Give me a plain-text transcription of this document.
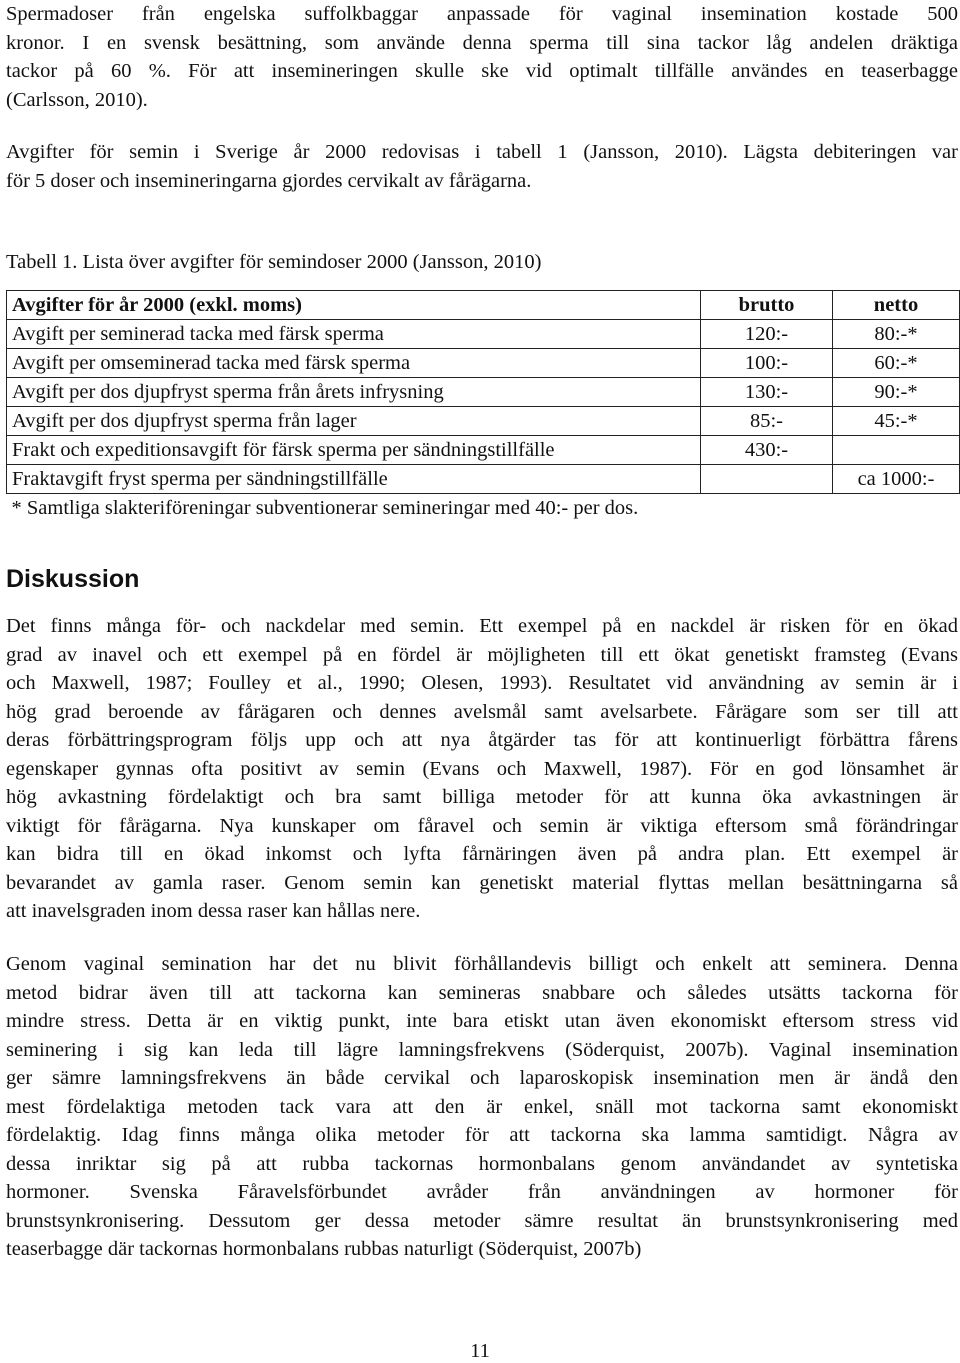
Spermadoser från engelska suffolkbaggar anpassade för vaginal insemination kostade 500
kronor. I en svensk besättning, som använde denna sperma till sina tackor låg andelen dräktiga
tackor på 60 %. För att insemineringen skulle ske vid optimalt tillfälle användes en teaserbagge
(Carlsson, 2010).
Avgifter för semin i Sverige år 2000 redovisas i tabell 1 (Jansson, 2010). Lägsta debiteringen var
för 5 doser och insemineringarna gjordes cervikalt av fårägarna.

Tabell 1. Lista över avgifter för semindoser 2000 (Jansson, 2010)

Avgifter för år 2000 (exkl. moms)	brutto	netto
Avgift per seminerad tacka med färsk sperma	120:-	80:-*
Avgift per omseminerad tacka med färsk sperma	100:-	60:-*
Avgift per dos djupfryst sperma från årets infrysning	130:-	90:-*
Avgift per dos djupfryst sperma från lager	85:-	45:-*
Frakt och expeditionsavgift för färsk sperma per sändningstillfälle	430:-	
Fraktavgift fryst sperma per sändningstillfälle		ca 1000:-
* Samtliga slakteriföreningar subventionerar semineringar med 40:- per dos.		
Diskussion
Det finns många för- och nackdelar med semin. Ett exempel på en nackdel är risken för en ökad
grad av inavel och ett exempel på en fördel är möjligheten till ett ökat genetiskt framsteg (Evans
och Maxwell, 1987; Foulley et al., 1990; Olesen, 1993). Resultatet vid användning av semin är i
hög grad beroende av fårägaren och dennes avelsmål samt avelsarbete. Fårägare som ser till att
deras förbättringsprogram följs upp och att nya åtgärder tas för att kontinuerligt förbättra fårens
egenskaper gynnas ofta positivt av semin (Evans och Maxwell, 1987). För en god lönsamhet är
hög avkastning fördelaktigt och bra samt billiga metoder för att kunna öka avkastningen är
viktigt för fårägarna. Nya kunskaper om fåravel och semin är viktiga eftersom små förändringar
kan bidra till en ökad inkomst och lyfta fårnäringen även på andra plan. Ett exempel är
bevarandet av gamla raser. Genom semin kan genetiskt material flyttas mellan besättningarna så
att inavelsgraden inom dessa raser kan hållas nere.
Genom vaginal semination har det nu blivit förhållandevis billigt och enkelt att seminera. Denna
metod bidrar även till att tackorna kan semineras snabbare och således utsätts tackorna för
mindre stress. Detta är en viktig punkt, inte bara etiskt utan även ekonomiskt eftersom stress vid
seminering i sig kan leda till lägre lamningsfrekvens (Söderquist, 2007b). Vaginal insemination
ger sämre lamningsfrekvens än både cervikal och laparoskopisk insemination men är ändå den
mest fördelaktiga metoden tack vara att den är enkel, snäll mot tackorna samt ekonomiskt
fördelaktig. Idag finns många olika metoder för att tackorna ska lamma samtidigt. Några av
dessa inriktar sig på att rubba tackornas hormonbalans genom användandet av syntetiska
hormoner. Svenska Fåravelsförbundet avråder från användningen av hormoner för
brunstsynkronisering. Dessutom ger dessa metoder sämre resultat än brunstsynkronisering med
teaserbagge där tackornas hormonbalans rubbas naturligt (Söderquist, 2007b)
11
